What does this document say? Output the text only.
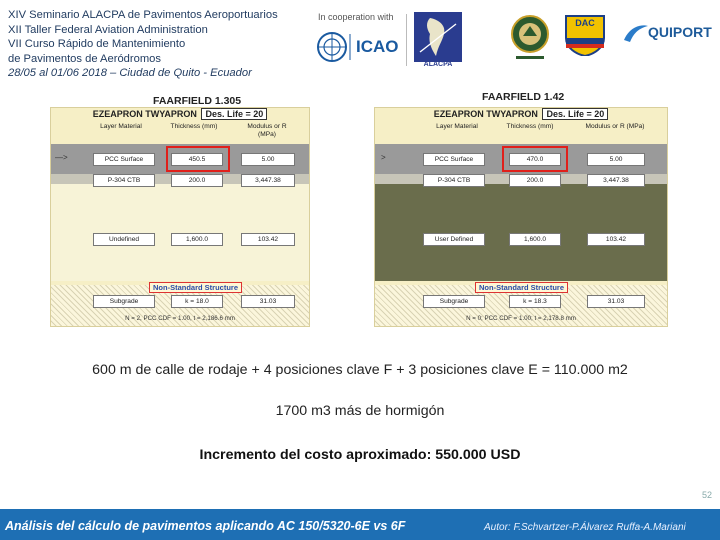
XIV Seminario ALACPA de Pavimentos Aeroportuarios
XII Taller Federal Aviation Administration
VII Curso Rápido de Mantenimiento
de Pavimentos de Aeródromos
28/05 al 01/06 2018 – Ciudad de Quito - Ecuador
In cooperation with
ICAO
ALACPA
DAC
QUIPORT
FAARFIELD 1.305	FAARFIELD 1.42
EZEAPRON TWYAPRON Des. Life = 20
Layer Material	Thickness (mm)	Modulus or R (MPa)
—>	PCC Surface	450.5	5.00
P-304 CTB	200.0	3,447.38
Undefined	1,600.0	103.42
Non-Standard Structure
Subgrade	k = 18.0	31.03
N = 2, PCC CDF = 1.00, t = 2,186.6 mm
EZEAPRON TWYAPRON Des. Life = 20
Layer Material	Thickness (mm)	Modulus or R (MPa)
>	PCC Surface	470.0	5.00
P-304 CTB	200.0	3,447.38
User Defined	1,600.0	103.42
Non-Standard Structure
Subgrade	k = 18.3	31.03
N = 0; PCC CDF = 1.00; t = 2,178.8 mm
600 m de calle de rodaje + 4 posiciones clave F + 3 posiciones clave E = 110.000 m2
1700 m3 más de hormigón
Incremento del costo aproximado: 550.000 USD
52
Análisis del cálculo de pavimentos aplicando AC 150/5320-6E vs 6F	Autor: F.Schvartzer-P.Álvarez Ruffa-A.Mariani
